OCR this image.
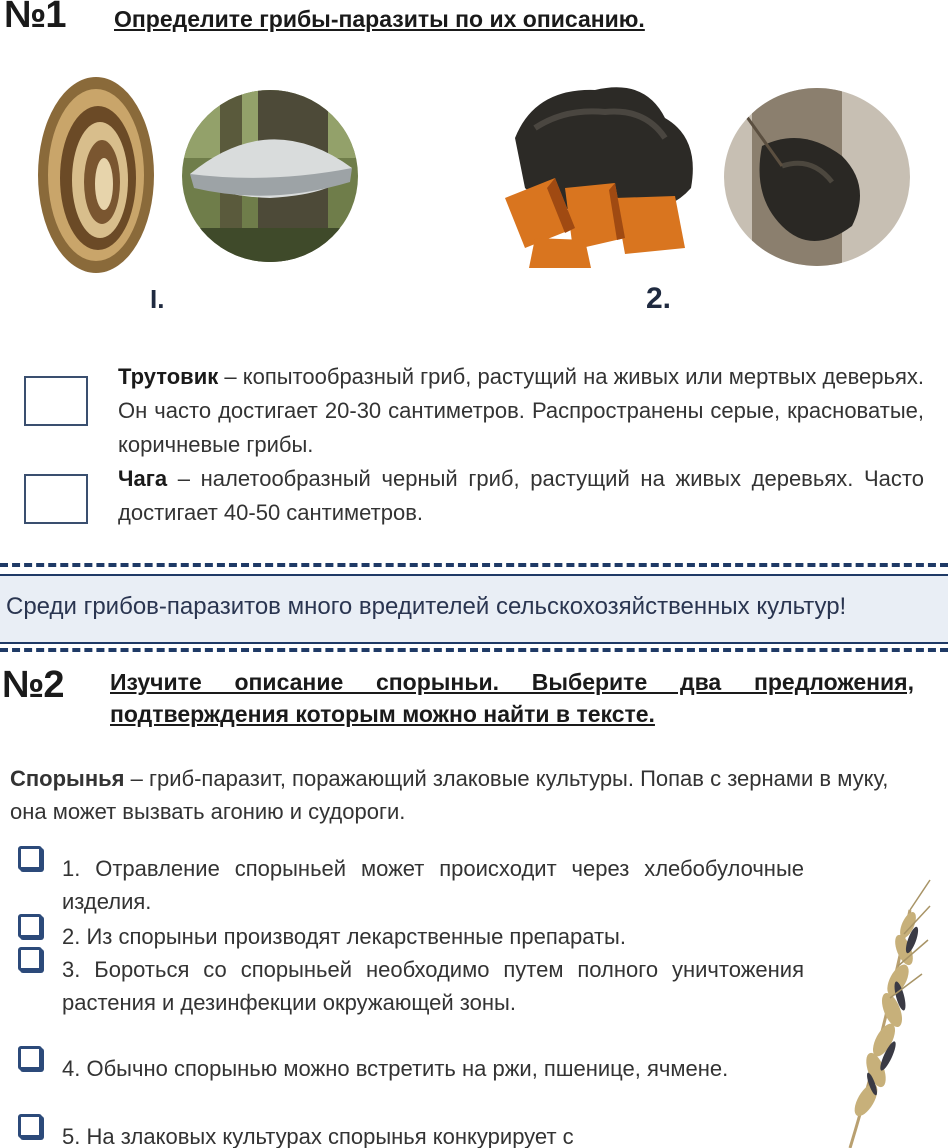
№1 Определите грибы-паразиты по их описанию.
I.	2.
Трутовик – копытообразный гриб, растущий на живых или мертвых деверьях. Он часто достигает 20-30 сантиметров. Распространены серые, красноватые, коричневые грибы.
Чага – налетообразный черный гриб, растущий на живых деревьях. Часто достигает 40-50 сантиметров.
Среди грибов-паразитов много вредителей сельскохозяйственных культур!
№2 Изучите описание спорыньи. Выберите два предложения, подтверждения которым можно найти в тексте.
Спорынья – гриб-паразит, поражающий злаковые культуры. Попав с зернами в муку, она может вызвать агонию и судороги.
1. Отравление спорыньей может происходит через хлебобулочные изделия.
2. Из спорыньи производят лекарственные препараты.
3. Бороться со спорыньей необходимо путем полного уничтожения растения и дезинфекции окружающей зоны.
4. Обычно спорынью можно встретить на ржи, пшенице, ячмене.
5. На злаковых культурах спорынья конкурирует с
